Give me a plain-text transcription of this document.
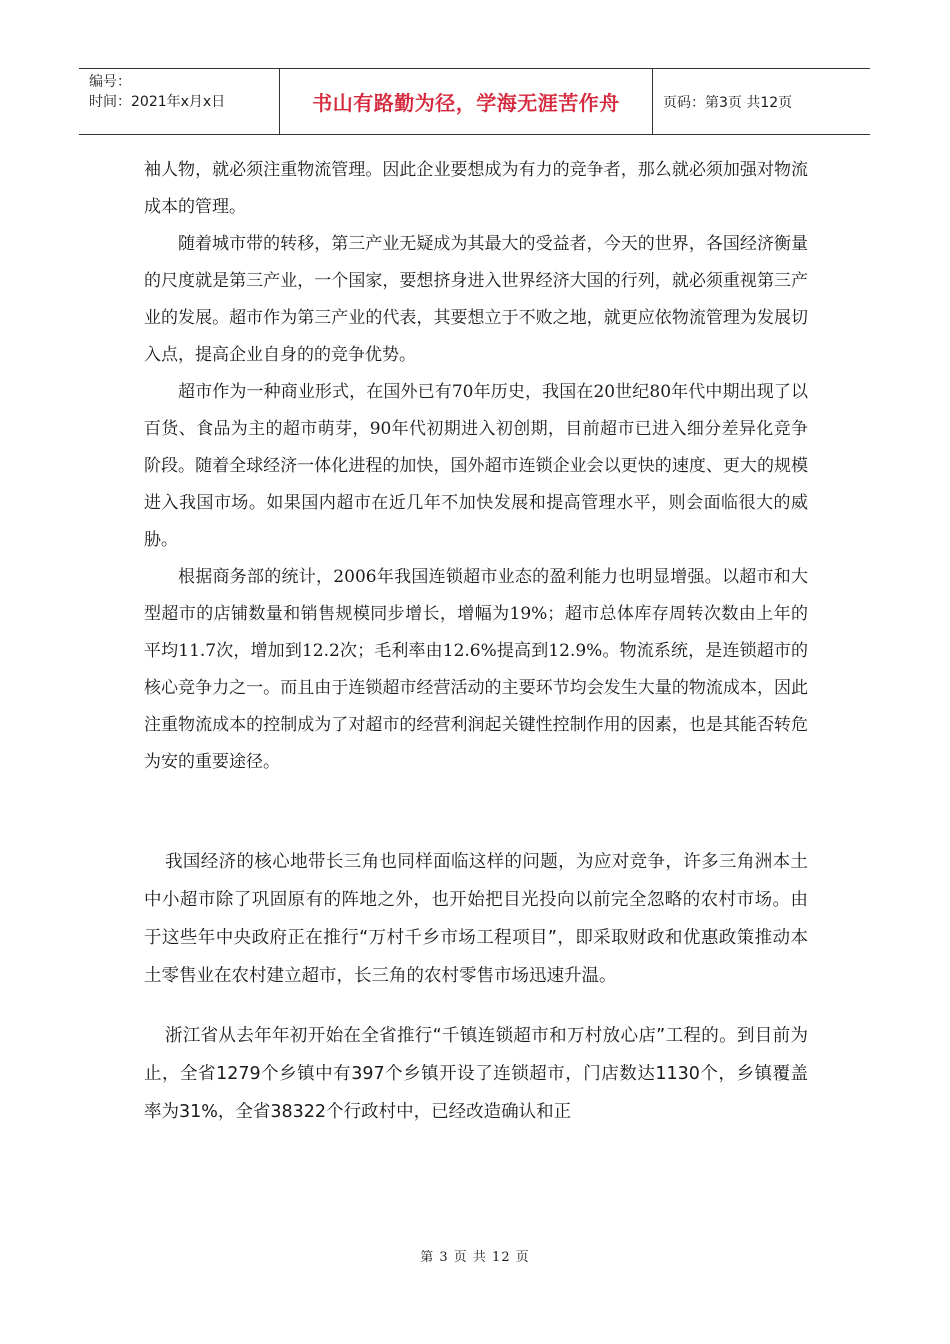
编号：
时间：2021年x月x日	书山有路勤为径，学海无涯苦作舟	页码：第3页 共12页

袖人物，就必须注重物流管理。因此企业要想成为有力的竞争者，那么就必须加强对物流成本的管理。

随着城市带的转移，第三产业无疑成为其最大的受益者，今天的世界，各国经济衡量的尺度就是第三产业，一个国家，要想挤身进入世界经济大国的行列，就必须重视第三产业的发展。超市作为第三产业的代表，其要想立于不败之地，就更应依物流管理为发展切入点，提高企业自身的的竞争优势。

超市作为一种商业形式，在国外已有70年历史，我国在20世纪80年代中期出现了以百货、食品为主的超市萌芽，90年代初期进入初创期，目前超市已进入细分差异化竞争阶段。随着全球经济一体化进程的加快，国外超市连锁企业会以更快的速度、更大的规模进入我国市场。如果国内超市在近几年不加快发展和提高管理水平，则会面临很大的威胁。

根据商务部的统计，2006年我国连锁超市业态的盈利能力也明显增强。以超市和大型超市的店铺数量和销售规模同步增长，增幅为19%；超市总体库存周转次数由上年的平均11.7次，增加到12.2次；毛利率由12.6%提高到12.9%。物流系统，是连锁超市的核心竞争力之一。而且由于连锁超市经营活动的主要环节均会发生大量的物流成本，因此注重物流成本的控制成为了对超市的经营利润起关键性控制作用的因素，也是其能否转危为安的重要途径。

我国经济的核心地带长三角也同样面临这样的问题，为应对竞争，许多三角洲本土中小超市除了巩固原有的阵地之外，也开始把目光投向以前完全忽略的农村市场。由于这些年中央政府正在推行“万村千乡市场工程项目”，即采取财政和优惠政策推动本土零售业在农村建立超市，长三角的农村零售市场迅速升温。

浙江省从去年年初开始在全省推行“千镇连锁超市和万村放心店”工程的。到目前为止，全省1279个乡镇中有397个乡镇开设了连锁超市，门店数达1130个，乡镇覆盖率为31%，全省38322个行政村中，已经改造确认和正

第 3 页 共 12 页
